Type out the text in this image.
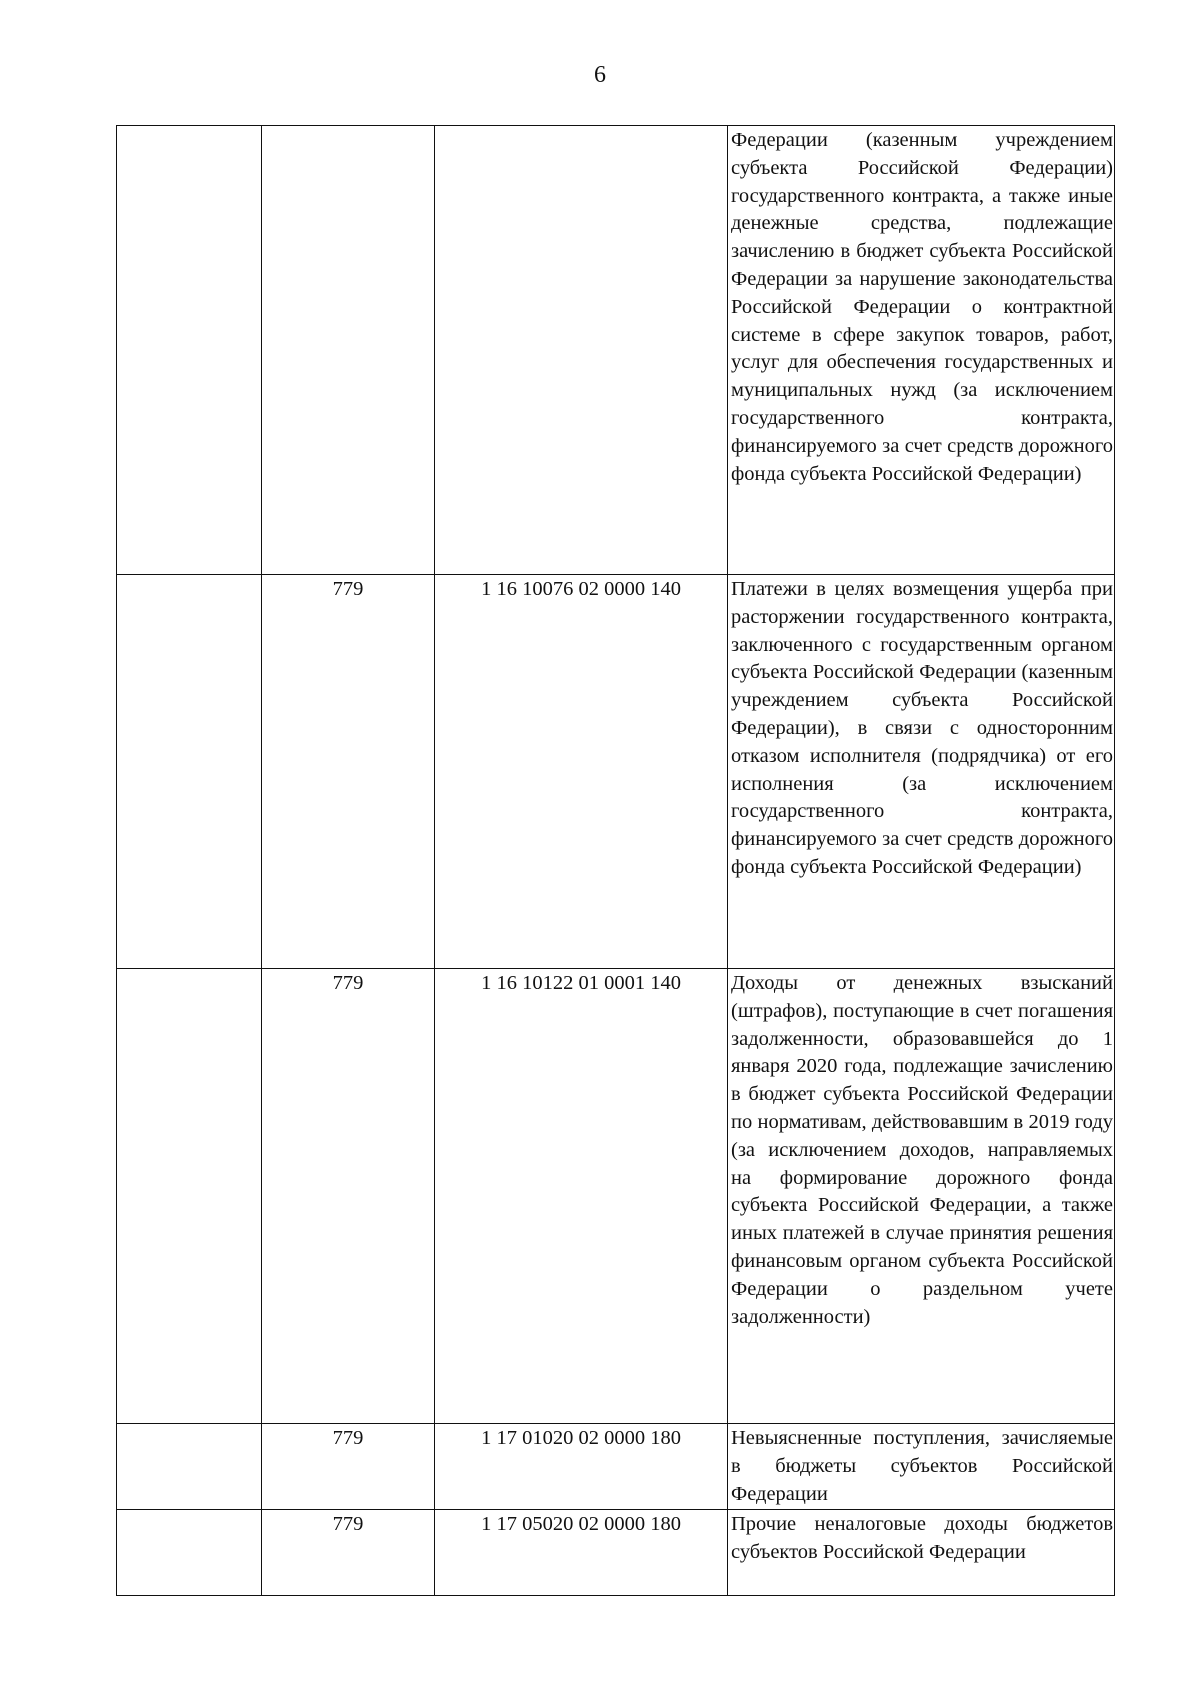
6
			Федерации (казенным учреждением субъекта Российской Федерации) государственного контракта, а также иные денежные средства, подлежащие зачислению в бюджет субъекта Российской Федерации за нарушение законодательства Российской Федерации о контрактной системе в сфере закупок товаров, работ, услуг для обеспечения государственных и муниципальных нужд (за исключением государственного контракта, финансируемого за счет средств дорожного фонда субъекта Российской Федерации)
	779	1 16 10076 02 0000 140	Платежи в целях возмещения ущерба при расторжении государственного контракта, заключенного с государственным органом субъекта Российской Федерации (казенным учреждением субъекта Российской Федерации), в связи с односторонним отказом исполнителя (подрядчика) от его исполнения (за исключением государственного контракта, финансируемого за счет средств дорожного фонда субъекта Российской Федерации)
	779	1 16 10122 01 0001 140	Доходы от денежных взысканий (штрафов), поступающие в счет погашения задолженности, образовавшейся до 1 января 2020 года, подлежащие зачислению в бюджет субъекта Российской Федерации по нормативам, действовавшим в 2019 году (за исключением доходов, направляемых на формирование дорожного фонда субъекта Российской Федерации, а также иных платежей в случае принятия решения финансовым органом субъекта Российской Федерации о раздельном учете задолженности)
	779	1 17 01020 02 0000 180	Невыясненные поступления, зачисляемые в бюджеты субъектов Российской Федерации
	779	1 17 05020 02 0000 180	Прочие неналоговые доходы бюджетов субъектов Российской Федерации
